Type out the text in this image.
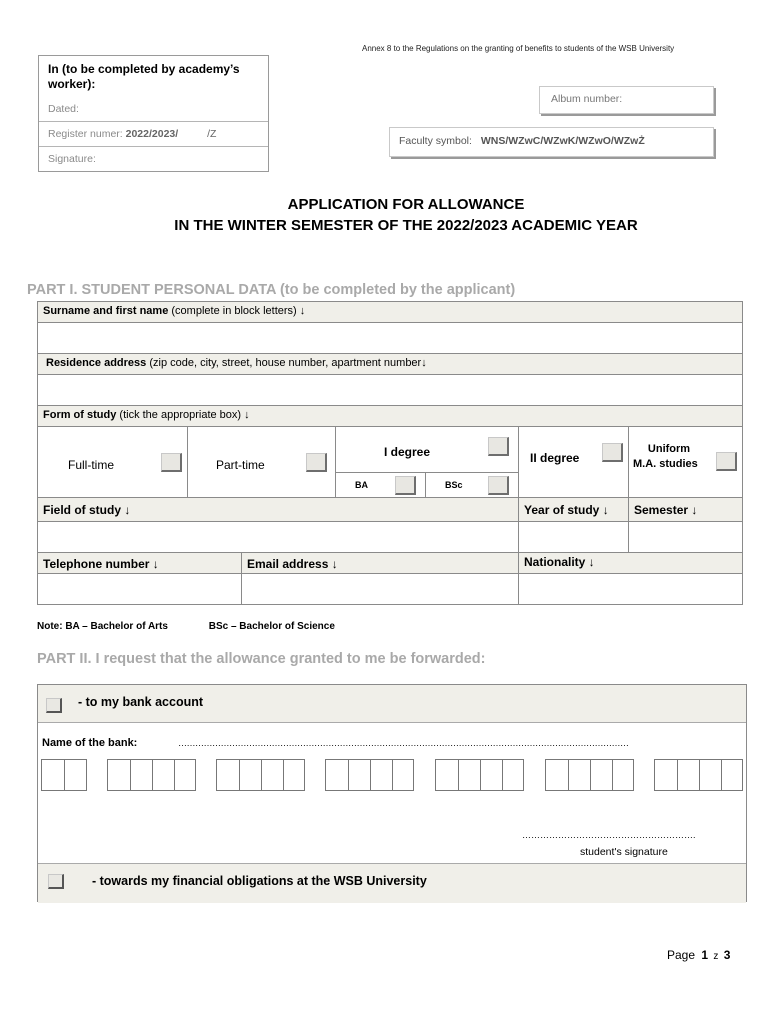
Annex 8 to the Regulations on the granting of benefits to students of the WSB University
In (to be completed by academy’s worker):
Dated:
Register numer: 2022/2023/	/Z
Signature:
Album number:
Faculty symbol: WNS/WZwC/WZwK/WZwO/WZwŻ
APPLICATION FOR ALLOWANCE
IN THE WINTER SEMESTER OF THE 2022/2023 ACADEMIC YEAR
PART I. STUDENT PERSONAL DATA (to be completed by the applicant)
Surname and first name (complete in block letters) ↓
Residence address (zip code, city, street, house number, apartment number↓
Form of study (tick the appropriate box) ↓
Full-time	Part-time
I degree
BA	BSc
II degree
Uniform
M.A. studies
Field of study ↓	Year of study ↓	Semester ↓
Telephone number ↓	Email address ↓	Nationality ↓
Note: BA – Bachelor of Arts	BSc – Bachelor of Science
PART II. I request that the allowance granted to me be forwarded:
- to my bank account
Name of the bank:	……………………………………………………………………………………………………………………………………………
………………………………………………….
student's signature
- towards my financial obligations at the WSB University
Page 1 z 3
